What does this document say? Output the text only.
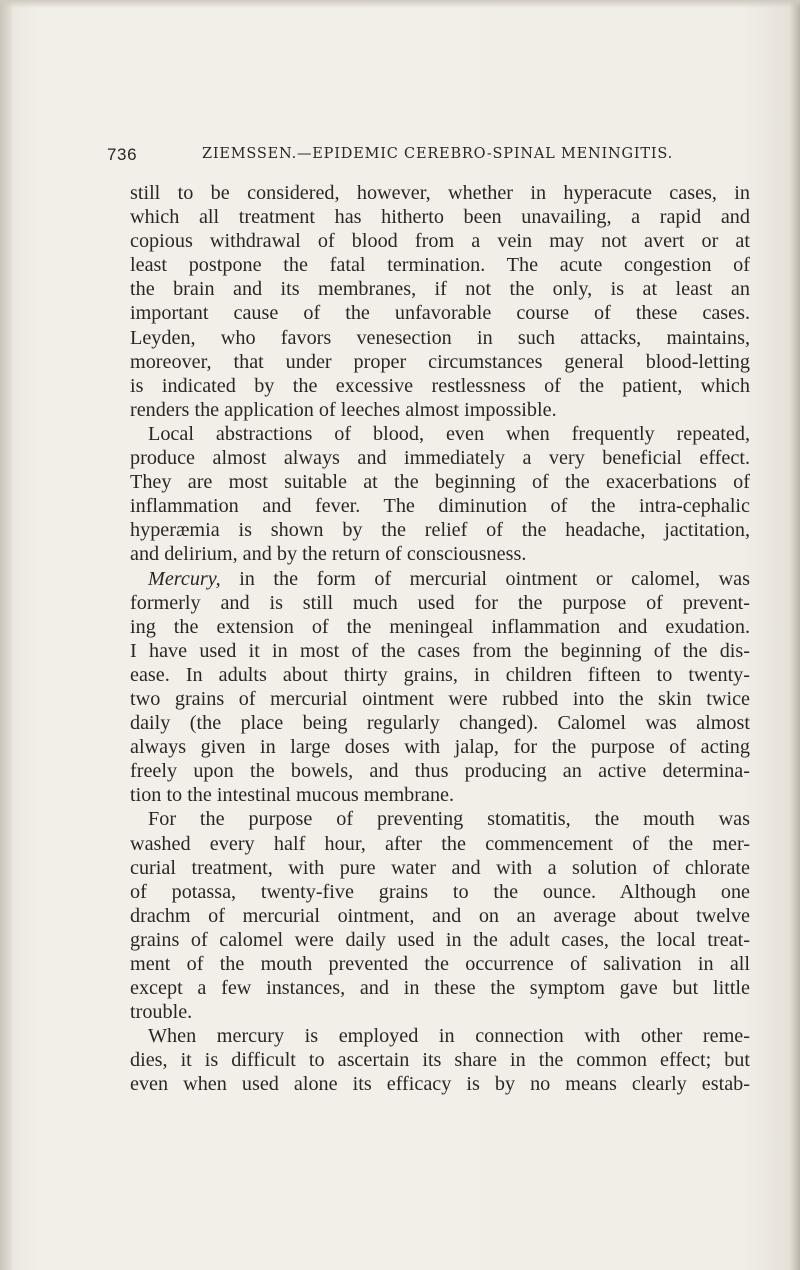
736	ZIEMSSEN.—EPIDEMIC CEREBRO-SPINAL MENINGITIS.
still to be considered, however, whether in hyperacute cases, in
which all treatment has hitherto been unavailing, a rapid and
copious withdrawal of blood from a vein may not avert or at
least postpone the fatal termination. The acute congestion of
the brain and its membranes, if not the only, is at least an
important cause of the unfavorable course of these cases.
Leyden, who favors venesection in such attacks, maintains,
moreover, that under proper circumstances general blood-letting
is indicated by the excessive restlessness of the patient, which
renders the application of leeches almost impossible.
Local abstractions of blood, even when frequently repeated,
produce almost always and immediately a very beneficial effect.
They are most suitable at the beginning of the exacerbations of
inflammation and fever. The diminution of the intra-cephalic
hyperæmia is shown by the relief of the headache, jactitation,
and delirium, and by the return of consciousness.
Mercury, in the form of mercurial ointment or calomel, was
formerly and is still much used for the purpose of prevent-
ing the extension of the meningeal inflammation and exudation.
I have used it in most of the cases from the beginning of the dis-
ease. In adults about thirty grains, in children fifteen to twenty-
two grains of mercurial ointment were rubbed into the skin twice
daily (the place being regularly changed). Calomel was almost
always given in large doses with jalap, for the purpose of acting
freely upon the bowels, and thus producing an active determina-
tion to the intestinal mucous membrane.
For the purpose of preventing stomatitis, the mouth was
washed every half hour, after the commencement of the mer-
curial treatment, with pure water and with a solution of chlorate
of potassa, twenty-five grains to the ounce. Although one
drachm of mercurial ointment, and on an average about twelve
grains of calomel were daily used in the adult cases, the local treat-
ment of the mouth prevented the occurrence of salivation in all
except a few instances, and in these the symptom gave but little
trouble.
When mercury is employed in connection with other reme-
dies, it is difficult to ascertain its share in the common effect; but
even when used alone its efficacy is by no means clearly estab-
